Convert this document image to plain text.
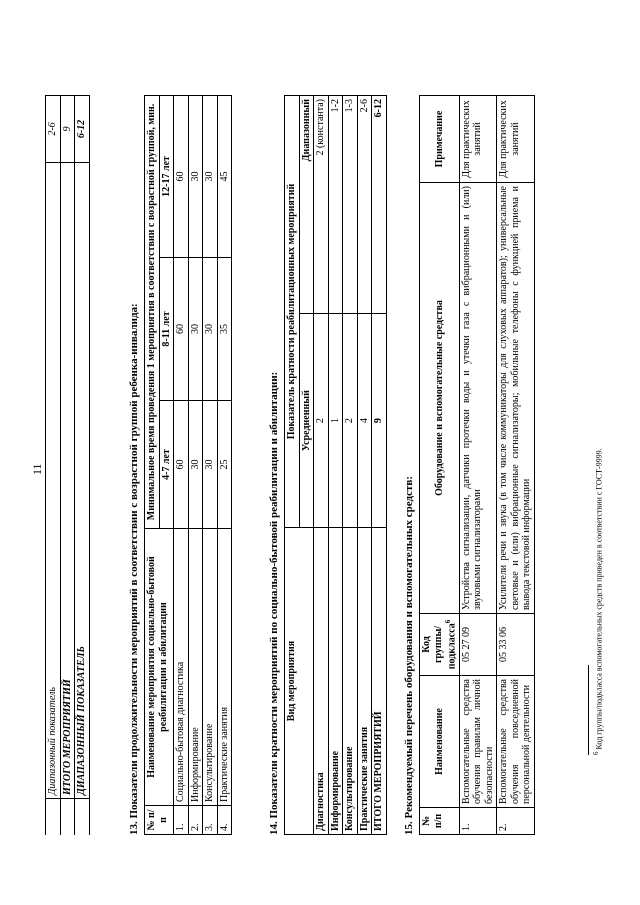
11
	Диапазонный показатель	2-6
	ИТОГО МЕРОПРИЯТИЙ	9
	ДИАПАЗОННЫЙ ПОКАЗАТЕЛЬ	6-12
13. Показатели продолжительности мероприятий в соответствии с возрастной группой ребенка-инвалида: № п/п	Наименование мероприятия социально-бытовой реабилитации и абилитации	Минимальное время проведения 1 мероприятия в соответствии с возрастной группой, мин.		
		4-7 лет	8-11 лет	12-17 лет
1.	Социально-бытовая диагностика	60	60	60
2.	Информирование	30	30	30
3.	Консультирование	30	30	30
4.	Практические занятия	25	35	45
14. Показатели кратности мероприятий по социально-бытовой реабилитации и абилитации: Вид мероприятия	Показатель кратности реабилитационных мероприятий	
	Усредненный	Диапазонный
Диагностика	2	2 (константа)
Информирование	1	1-2
Консультирование	2	1-3
Практические занятия	4	2-6
ИТОГО МЕРОПРИЯТИЙ	9	6-12
15. Рекомендуемый перечень оборудования и вспомогательных средств: № п/п	Наименование	Код группы/подкласса$^6$	Оборудование и вспомогательные средства	Примечание
1.	Вспомогательные средства обучения правилам личной безопасности	05 27 09	Устройства сигнализации, датчики протечки воды и утечки газа с вибрационными и (или) звуковыми сигнализаторами	Для практических занятий
2.	Вспомогательные средства обучения повседневной персональной деятельности	05 33 06	Усилители речи и звука (в том числе коммуникаторы для слуховых аппаратов); универсальные световые и (или) вибрационные сигнализаторы; мобильные телефоны с функцией приема и вывода текстовой информации	Для практических занятий
$^6$ Код группы/подкласса вспомогательных средств приведен в соответствии с ГОСТ-9999.
